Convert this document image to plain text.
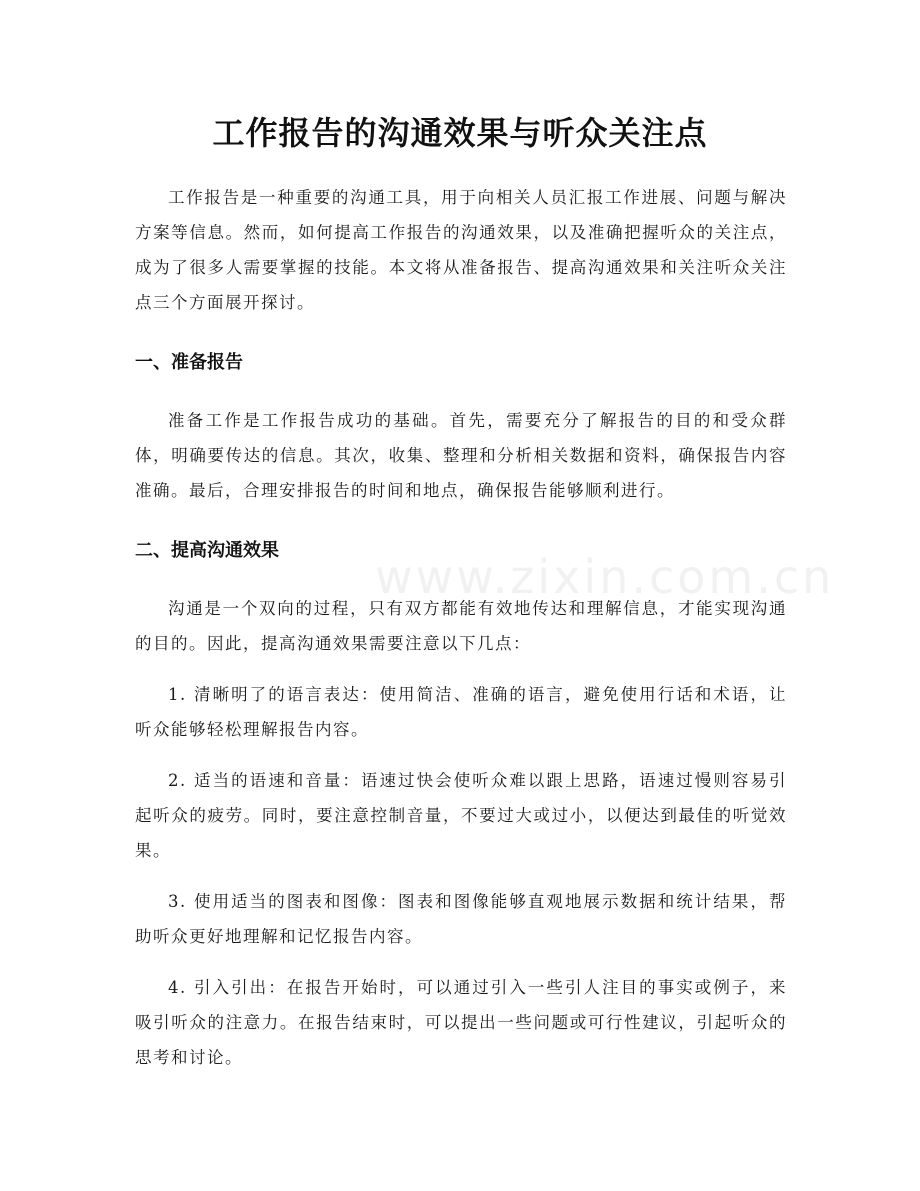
工作报告的沟通效果与听众关注点

工作报告是一种重要的沟通工具，用于向相关人员汇报工作进展、问题与解决方案等信息。然而，如何提高工作报告的沟通效果，以及准确把握听众的关注点，成为了很多人需要掌握的技能。本文将从准备报告、提高沟通效果和关注听众关注点三个方面展开探讨。

一、准备报告

准备工作是工作报告成功的基础。首先，需要充分了解报告的目的和受众群体，明确要传达的信息。其次，收集、整理和分析相关数据和资料，确保报告内容准确。最后，合理安排报告的时间和地点，确保报告能够顺利进行。

二、提高沟通效果

沟通是一个双向的过程，只有双方都能有效地传达和理解信息，才能实现沟通的目的。因此，提高沟通效果需要注意以下几点：

1. 清晰明了的语言表达：使用简洁、准确的语言，避免使用行话和术语，让听众能够轻松理解报告内容。

2. 适当的语速和音量：语速过快会使听众难以跟上思路，语速过慢则容易引起听众的疲劳。同时，要注意控制音量，不要过大或过小，以便达到最佳的听觉效果。

3. 使用适当的图表和图像：图表和图像能够直观地展示数据和统计结果，帮助听众更好地理解和记忆报告内容。

4. 引入引出：在报告开始时，可以通过引入一些引人注目的事实或例子，来吸引听众的注意力。在报告结束时，可以提出一些问题或可行性建议，引起听众的思考和讨论。

www.zixin.com.cn
